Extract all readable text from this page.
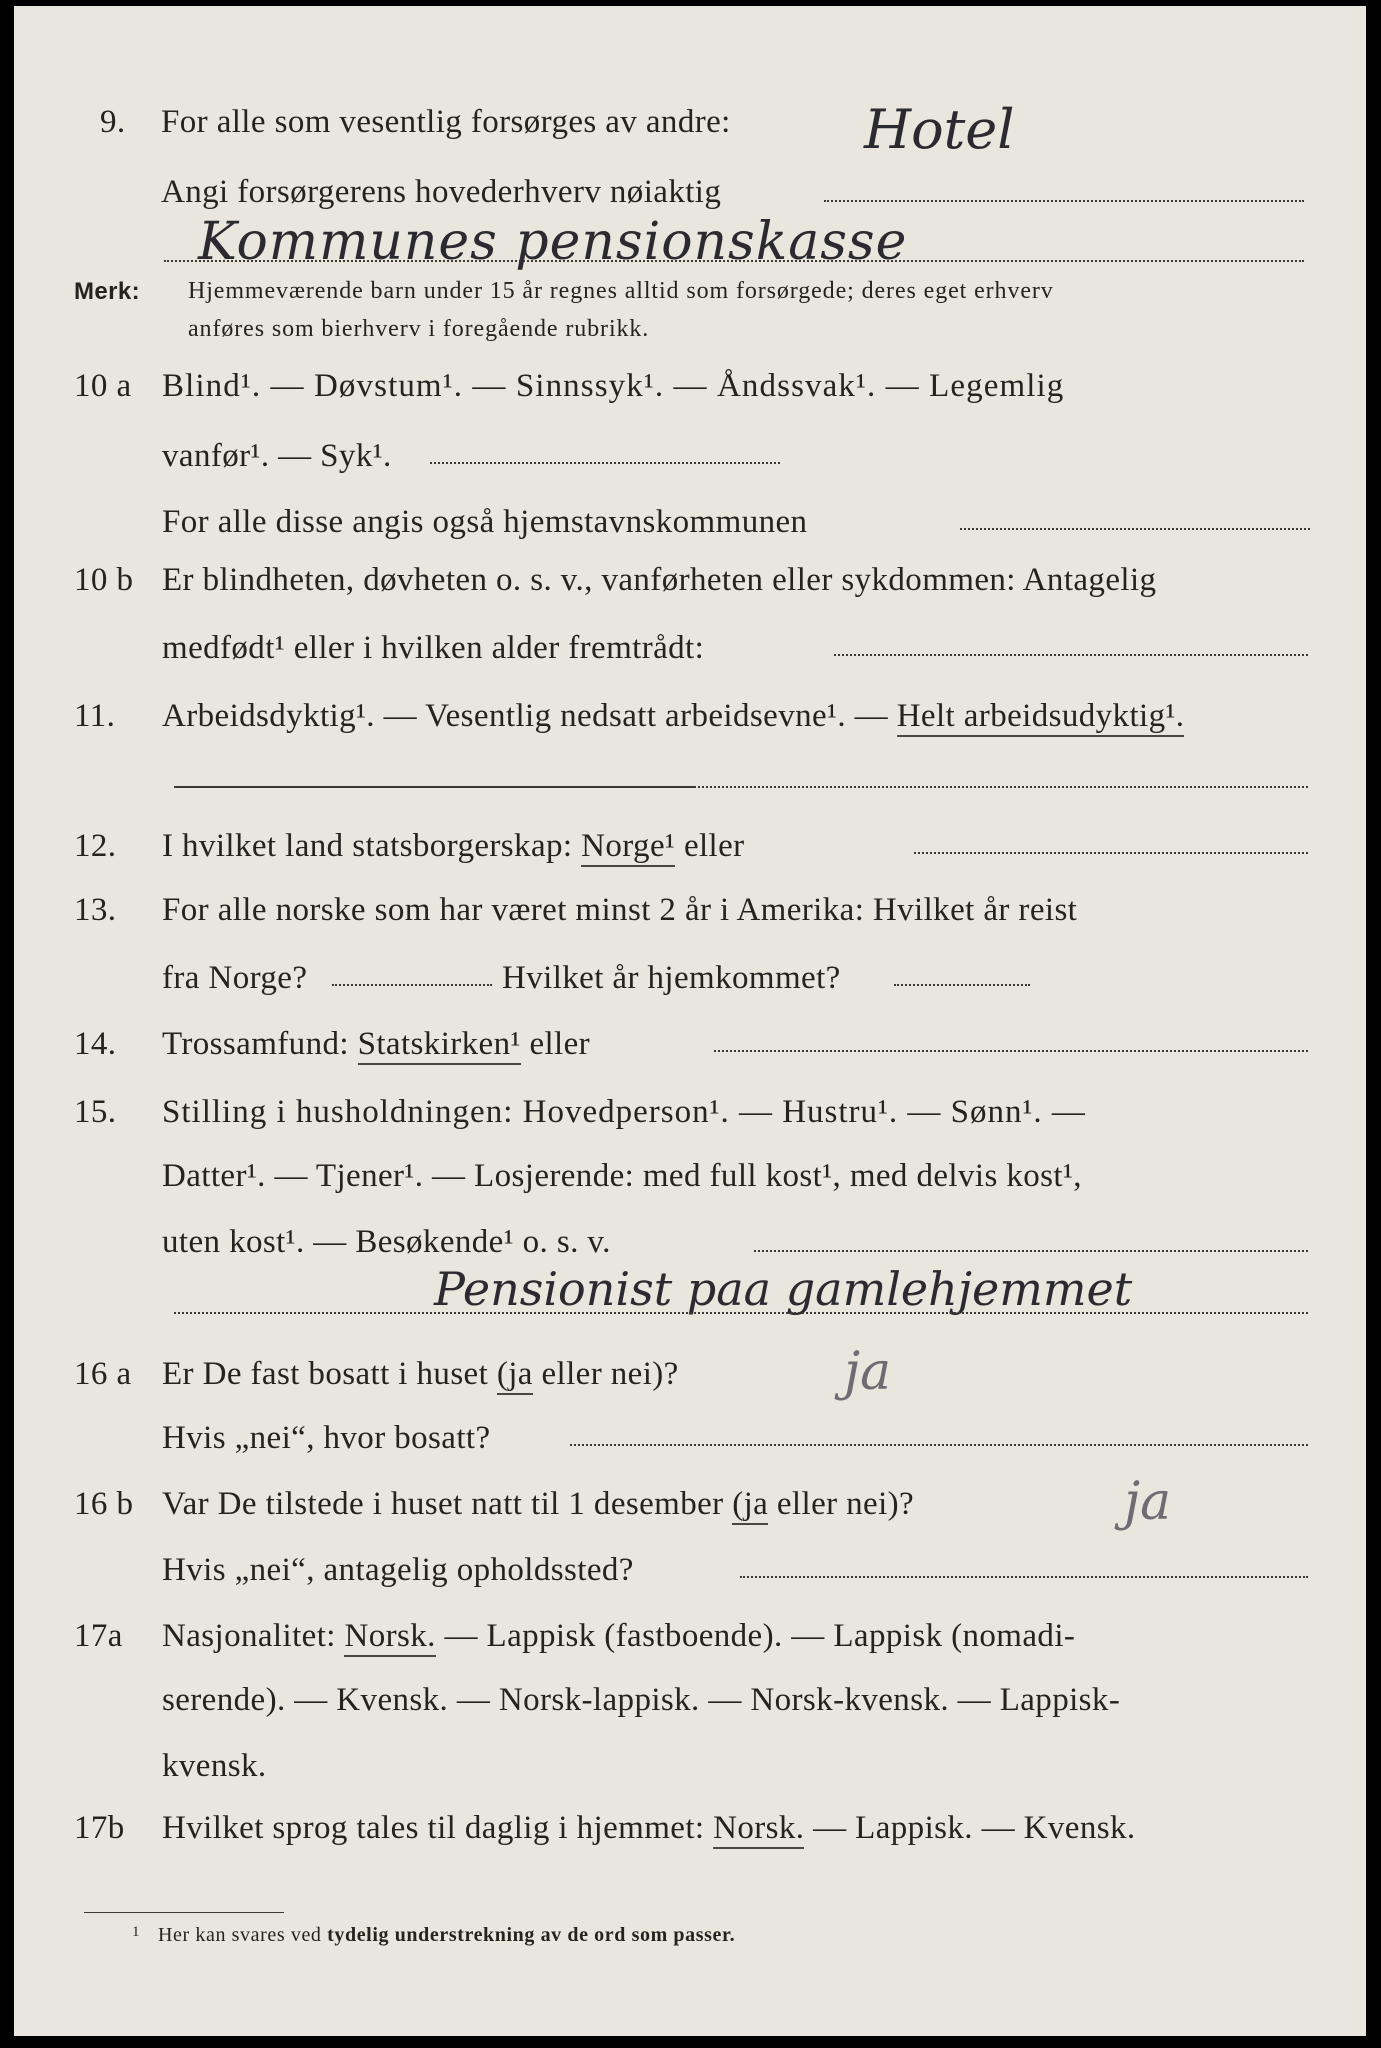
9. For alle som vesentlig forsørges av andre: Hotel
Angi forsørgerens hovederhverv nøiaktig
Kommunes pensionskasse
Merk: Hjemmeværende barn under 15 år regnes alltid som forsørgede; deres eget erhverv
anføres som bierhverv i foregående rubrikk.
10 a Blind¹. — Døvstum¹. — Sinnssyk¹. — Åndssvak¹. — Legemlig
vanfør¹. — Syk¹.
For alle disse angis også hjemstavnskommunen
10 b Er blindheten, døvheten o. s. v., vanførheten eller sykdommen: Antagelig
medfødt¹ eller i hvilken alder fremtrådt:
11. Arbeidsdyktig¹. — Vesentlig nedsatt arbeidsevne¹. — Helt arbeidsudyktig¹.
12. I hvilket land statsborgerskap: Norge¹ eller
13. For alle norske som har været minst 2 år i Amerika: Hvilket år reist
fra Norge?	Hvilket år hjemkommet?
14. Trossamfund: Statskirken¹ eller
15. Stilling i husholdningen: Hovedperson¹. — Hustru¹. — Sønn¹. —
Datter¹. — Tjener¹. — Losjerende: med full kost¹, med delvis kost¹,
uten kost¹. — Besøkende¹ o. s. v.
Pensionist paa gamlehjemmet
16 a Er De fast bosatt i huset (ja eller nei)?	ja
Hvis „nei“, hvor bosatt?
16 b Var De tilstede i huset natt til 1 desember (ja eller nei)?	ja
Hvis „nei“, antagelig opholdssted?
17a Nasjonalitet: Norsk. — Lappisk (fastboende). — Lappisk (nomadi-
serende). — Kvensk. — Norsk-lappisk. — Norsk-kvensk. — Lappisk-
kvensk.
17b Hvilket sprog tales til daglig i hjemmet: Norsk. — Lappisk. — Kvensk.
1 Her kan svares ved tydelig understrekning av de ord som passer.
